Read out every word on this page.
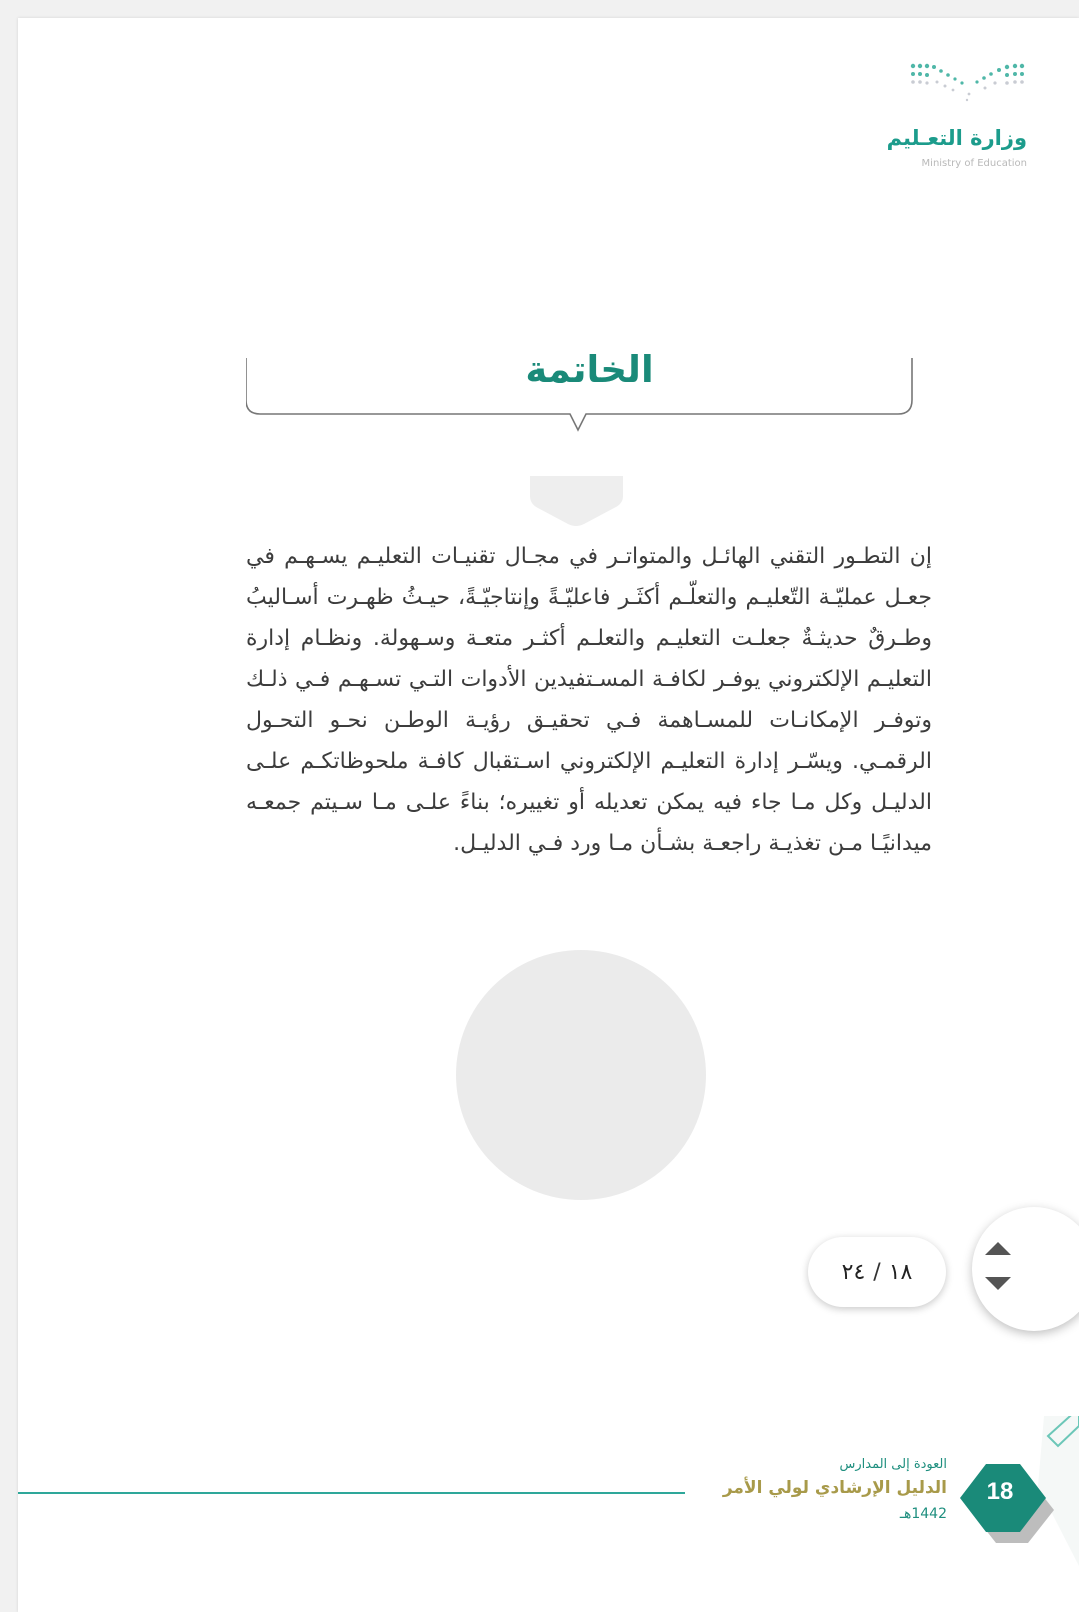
وزارة التعـليم
Ministry of Education
الخاتمة

إن التطـور التقني الهائـل والمتواتـر في مجـال تقنيـات التعليـم يسـهـم في جعـل عمليّـة التّعليـم والتعلّـم أكثَـر فاعليّـةً وإنتاجيّـةً، حيـثُ ظهـرت أسـاليبُ وطـرقٌ حديثـةٌ جعلـت التعليـم والتعلـم أكثـر متعـة وسـهولة. ونظـام إدارة التعليـم الإلكتروني يوفـر لكافـة المسـتفيدين الأدوات التـي تسـهـم فـي ذلـك وتوفـر الإمكانـات للمسـاهمة فـي تحقيـق رؤيـة الوطـن نحـو التحـول الرقمـي. ويسّـر إدارة التعليـم الإلكتروني اسـتقبال كافـة ملحوظاتكـم علـى الدليـل وكل مـا جاء فيه يمكن تعديله أو تغييره؛ بناءً علـى مـا سـيتم جمعـه ميدانيًـا مـن تغذيـة راجعـة بشـأن مـا ورد فـي الدليـل.

١٨
/
٢٤
العودة إلى المدارس
الدليل الإرشادي لولي الأمر
1442هـ
18
